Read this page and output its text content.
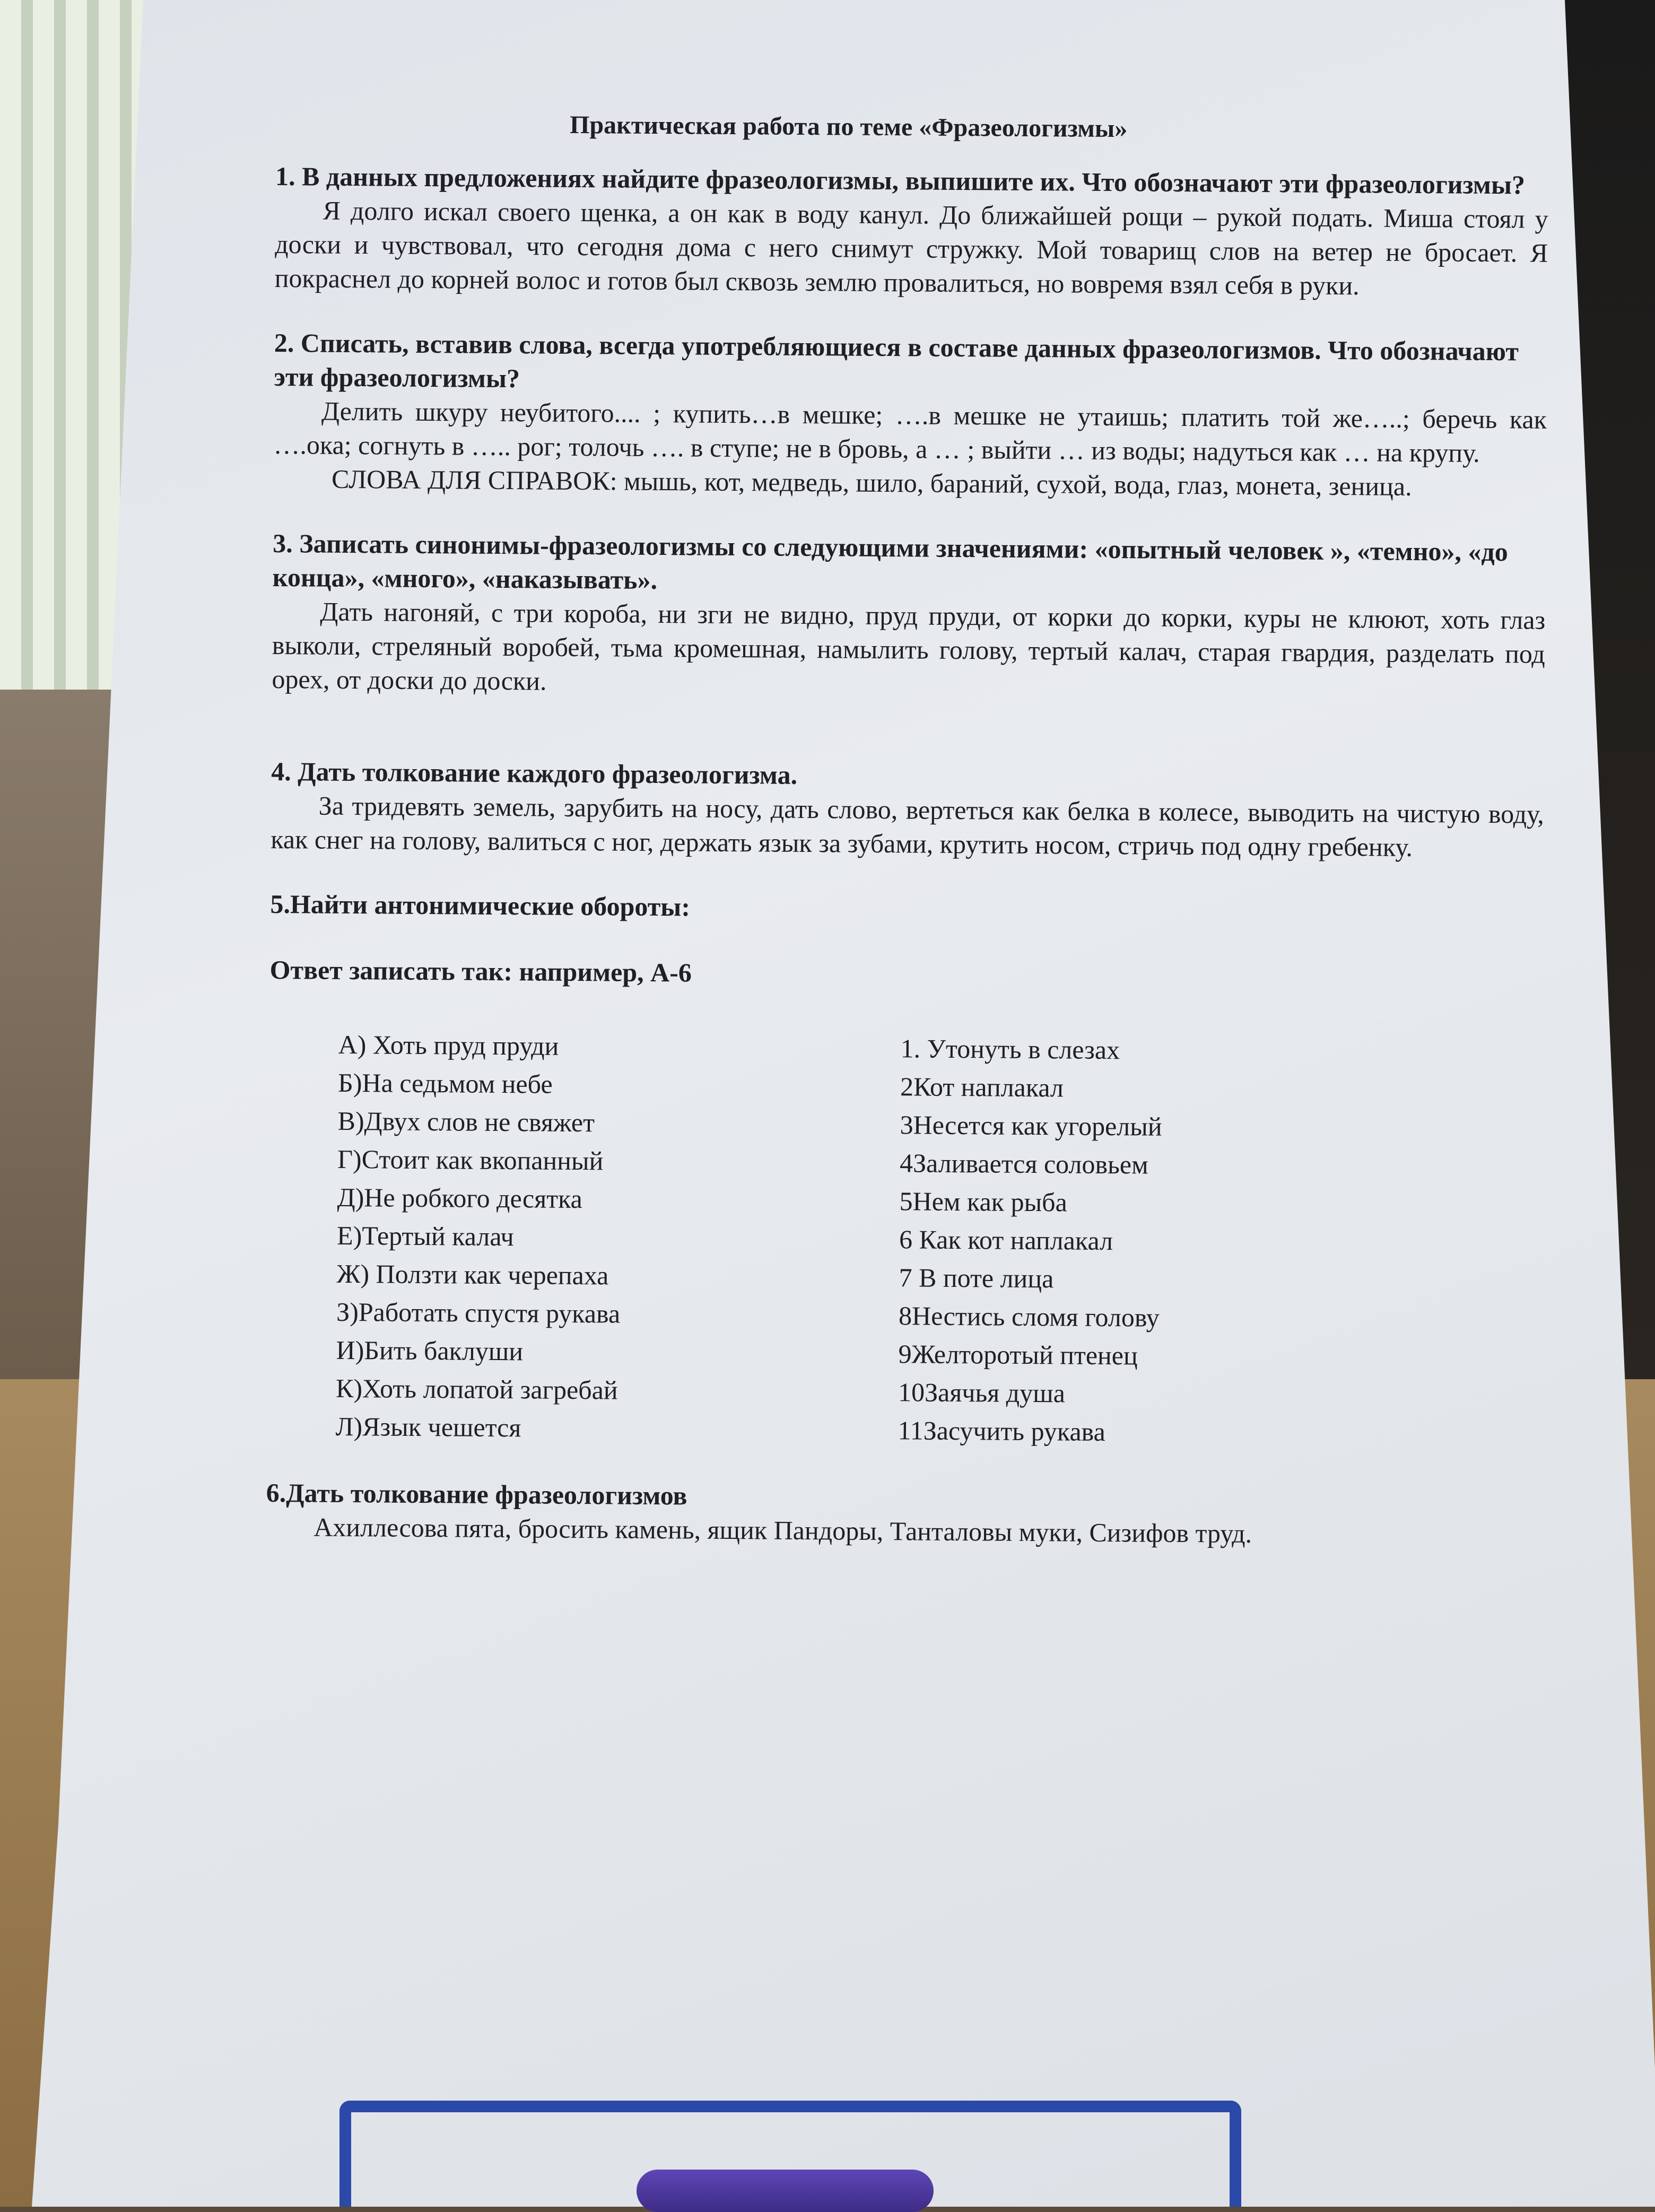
Практическая работа по теме «Фразеологизмы»

1. В данных предложениях найдите фразеологизмы, выпишите их. Что обозначают эти фразеологизмы?

Я долго искал своего щенка, а он как в воду канул. До ближайшей рощи – рукой подать. Миша стоял у доски и чувствовал, что сегодня дома с него снимут стружку. Мой товарищ слов на ветер не бросает. Я покраснел до корней волос и готов был сквозь землю провалиться, но вовремя взял себя в руки.

2. Списать, вставив слова, всегда употребляющиеся в составе данных фразеологизмов. Что обозначают эти фразеологизмы?

Делить шкуру неубитого.... ; купить…в мешке; ….в мешке не утаишь; платить той же…..; беречь как ….ока; согнуть в ….. рог; толочь …. в ступе; не в бровь, а … ; выйти … из воды; надуться как … на крупу.

СЛОВА ДЛЯ СПРАВОК: мышь, кот, медведь, шило, бараний, сухой, вода, глаз, монета, зеница.

3. Записать синонимы-фразеологизмы со следующими значениями: «опытный человек », «темно», «до конца», «много», «наказывать».

Дать нагоняй, с три короба, ни зги не видно, пруд пруди, от корки до корки, куры не клюют, хоть глаз выколи, стреляный воробей, тьма кромешная, намылить голову, тертый калач, старая гвардия, разделать под орех, от доски до доски.

4. Дать толкование каждого фразеологизма.

За тридевять земель, зарубить на носу, дать слово, вертеться как белка в колесе, выводить на чистую воду, как снег на голову, валиться с ног, держать язык за зубами, крутить носом, стричь под одну гребенку.

5.Найти антонимические обороты:

Ответ записать так: например, А-6

А) Хоть пруд пруди
Б)На седьмом небе
В)Двух слов не свяжет
Г)Стоит как вкопанный
Д)Не робкого десятка
Е)Тертый калач
Ж) Ползти как черепаха
З)Работать спустя рукава
И)Бить баклуши
К)Хоть лопатой загребай
Л)Язык чешется
1. Утонуть в слезах
2Кот наплакал
3Несется как угорелый
4Заливается соловьем
5Нем как рыба
6 Как кот наплакал
7 В поте лица
8Нестись сломя голову
9Желторотый птенец
10Заячья душа
11Засучить рукава

6.Дать толкование фразеологизмов

Ахиллесова пята, бросить камень, ящик Пандоры, Танталовы муки, Сизифов труд.
